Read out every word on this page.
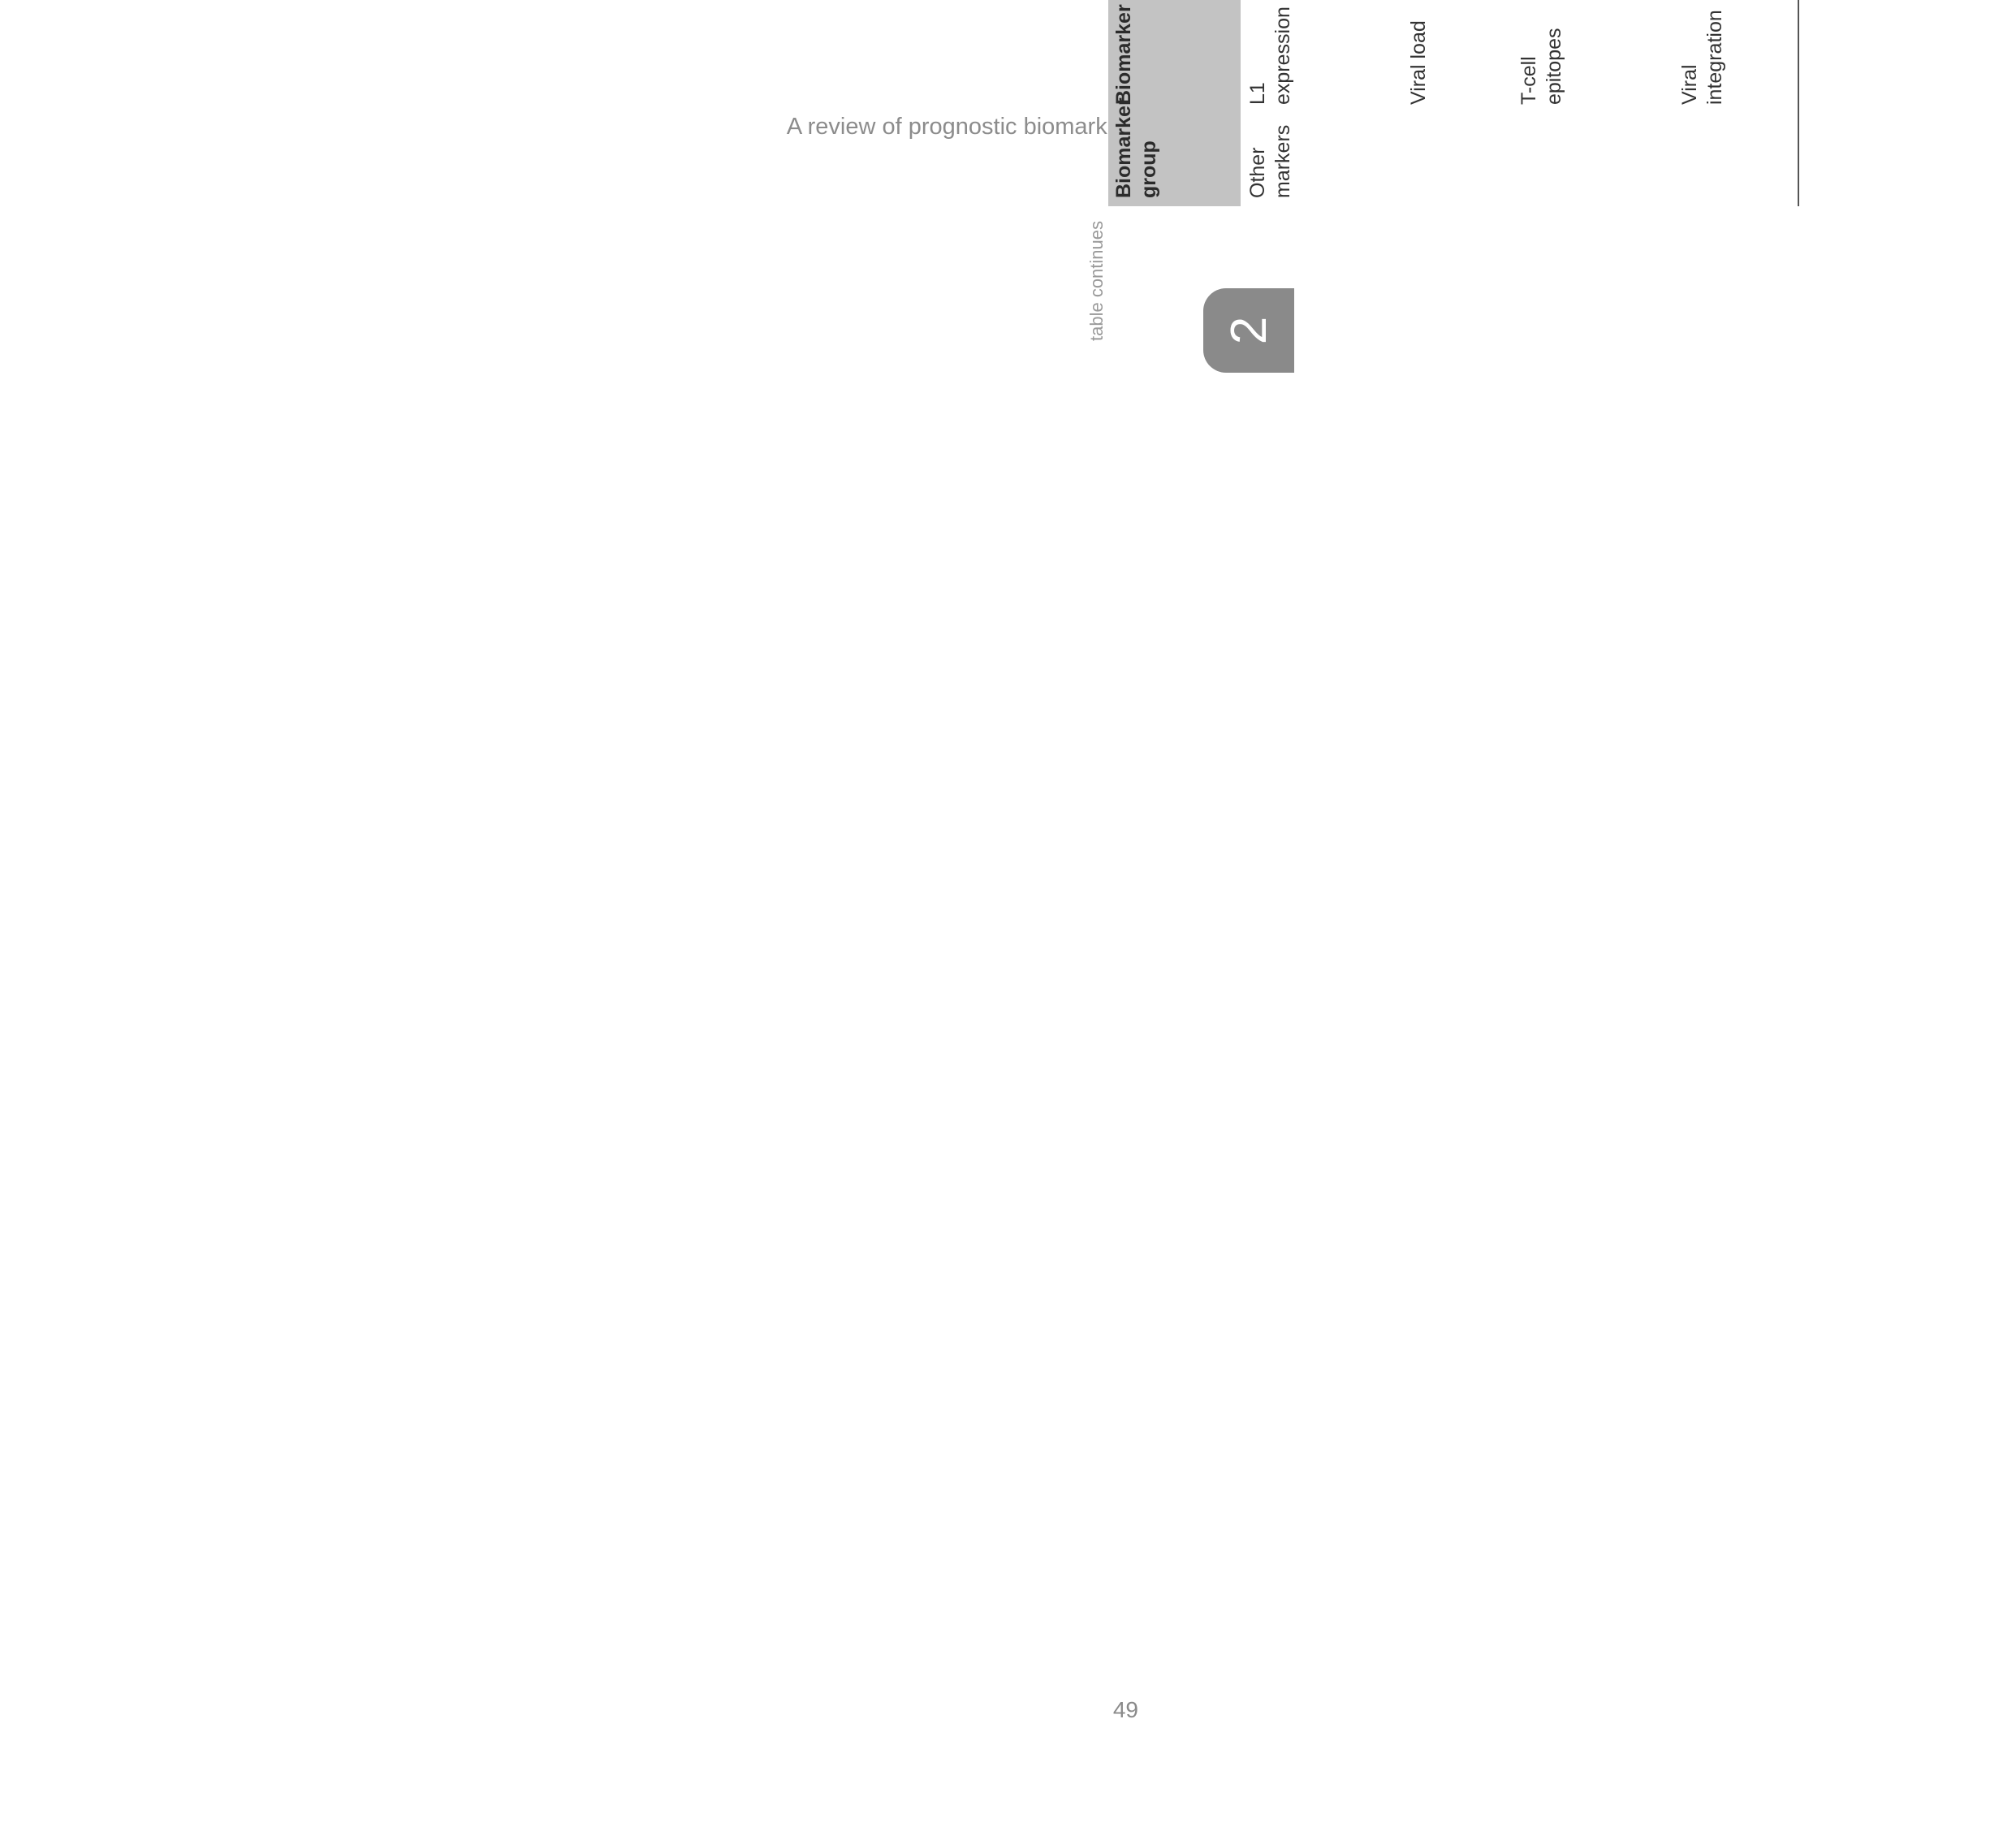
A review of prognostic biomarkers
2
Biomarker group	Biomarker							
Other markers	L1 expression						

	Viral load						

	T-cell epitopes						

	Viral integration						

table continues
49
